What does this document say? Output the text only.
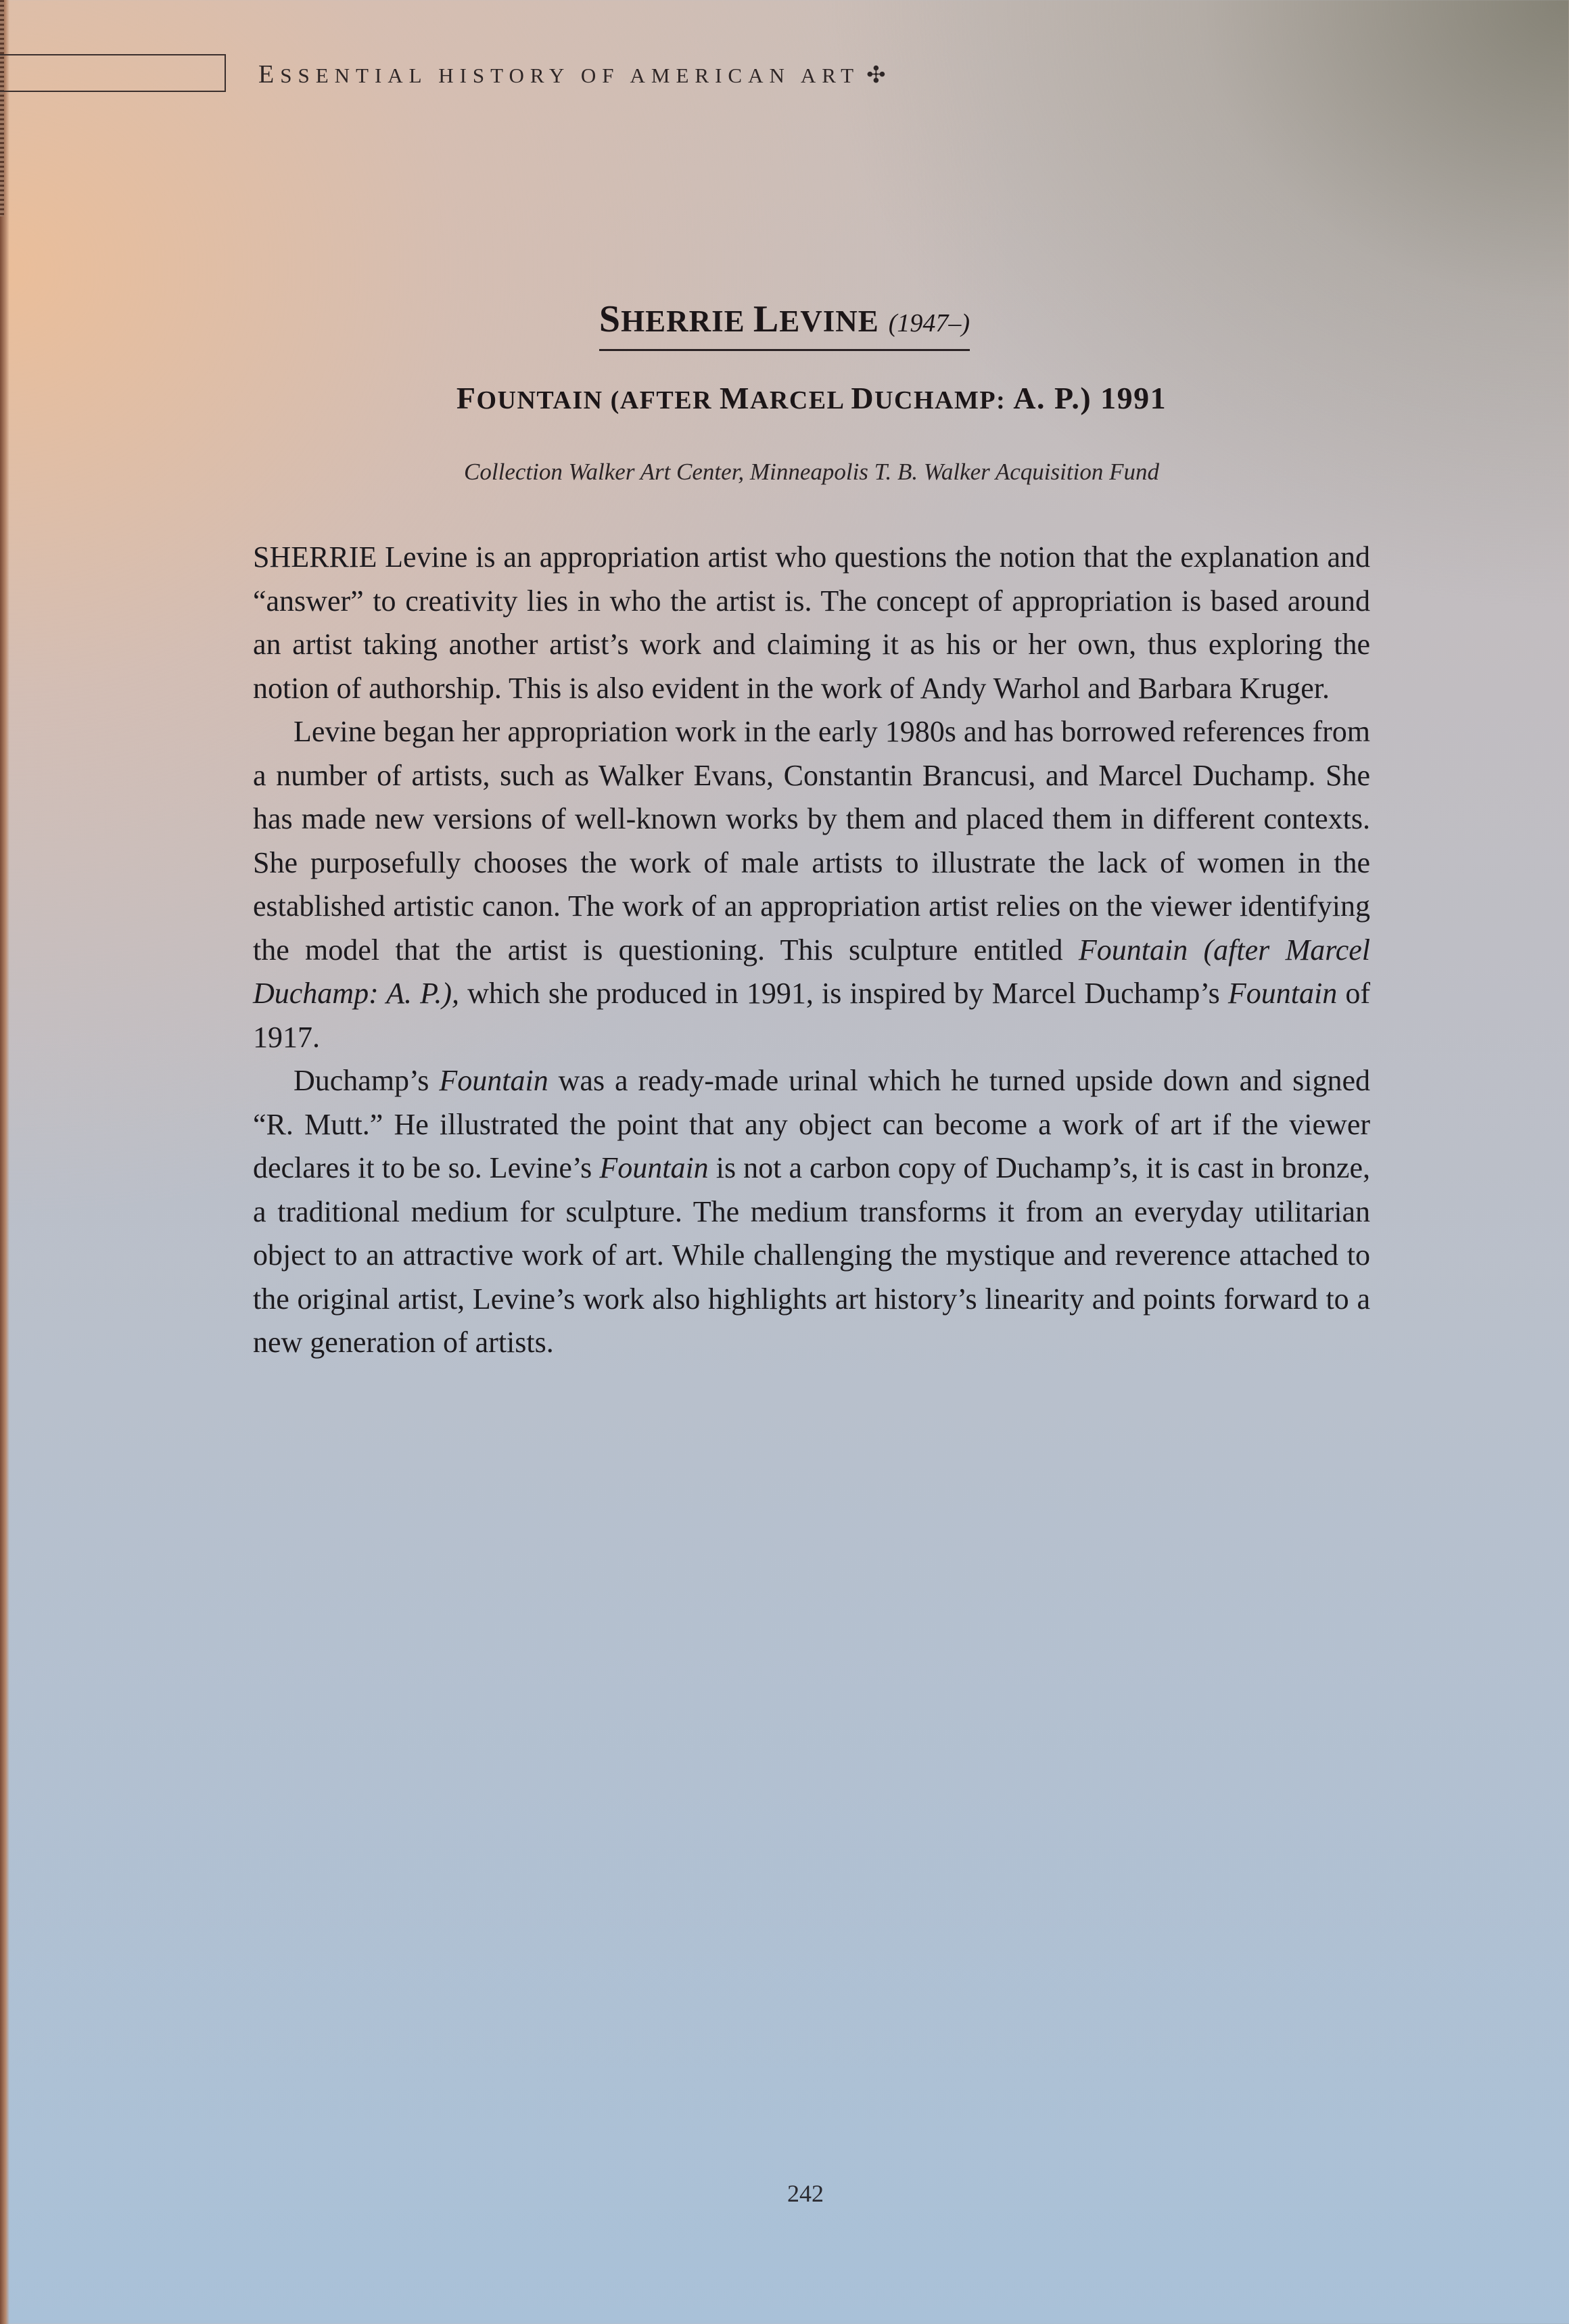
ESSENTIAL HISTORY OF AMERICAN ART ✣
SHERRIE LEVINE (1947–)
FOUNTAIN (AFTER MARCEL DUCHAMP: A. P.) 1991
Collection Walker Art Center, Minneapolis T. B. Walker Acquisition Fund

SHERRIE Levine is an appropriation artist who questions the notion that the explanation and “answer” to creativity lies in who the artist is. The concept of appropriation is based around an artist taking another artist’s work and claiming it as his or her own, thus exploring the notion of authorship. This is also evident in the work of Andy Warhol and Barbara Kruger.

Levine began her appropriation work in the early 1980s and has borrowed references from a number of artists, such as Walker Evans, Constantin Brancusi, and Marcel Duchamp. She has made new versions of well-known works by them and placed them in different contexts. She purposefully chooses the work of male artists to illustrate the lack of women in the established artistic canon. The work of an appropriation artist relies on the viewer identifying the model that the artist is questioning. This sculpture entitled Fountain (after Marcel Duchamp: A. P.), which she produced in 1991, is inspired by Marcel Duchamp’s Fountain of 1917.

Duchamp’s Fountain was a ready-made urinal which he turned upside down and signed “R. Mutt.” He illustrated the point that any object can become a work of art if the viewer declares it to be so. Levine’s Fountain is not a carbon copy of Duchamp’s, it is cast in bronze, a traditional medium for sculpture. The medium transforms it from an everyday utilitarian object to an attractive work of art. While challenging the mystique and reverence attached to the original artist, Levine’s work also highlights art history’s linearity and points forward to a new generation of artists.

242
